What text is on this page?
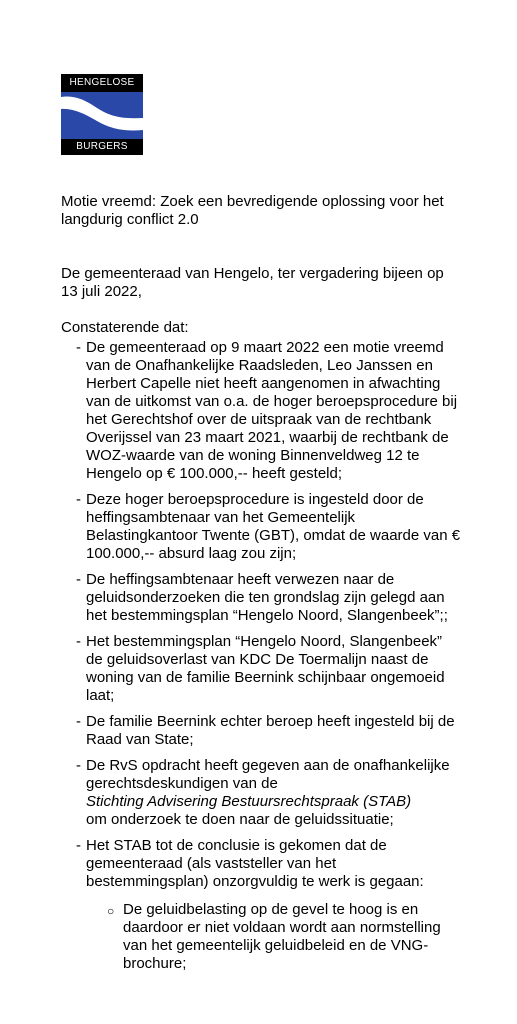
HENGELOSE
BURGERS

Motie vreemd: Zoek een bevredigende oplossing voor het langdurig conflict 2.0

De gemeenteraad van Hengelo, ter vergadering bijeen op 13 juli 2022,

Constaterende dat:

- De gemeenteraad op 9 maart 2022 een motie vreemd van de Onafhankelijke Raadsleden, Leo Janssen en Herbert Capelle niet heeft aangenomen in afwachting van de uitkomst van o.a. de hoger beroepsprocedure bij het Gerechtshof over de uitspraak van de rechtbank Overijssel van 23 maart 2021, waarbij de rechtbank de WOZ-waarde van de woning Binnenveldweg 12 te Hengelo op € 100.000,-- heeft gesteld;
- Deze hoger beroepsprocedure is ingesteld door de heffingsambtenaar van het Gemeentelijk Belastingkantoor Twente (GBT), omdat de waarde van € 100.000,-- absurd laag zou zijn;
- De heffingsambtenaar heeft verwezen naar de geluidsonderzoeken die ten grondslag zijn gelegd aan het bestemmingsplan “Hengelo Noord, Slangenbeek”;;
- Het bestemmingsplan “Hengelo Noord, Slangenbeek” de geluidsoverlast van KDC De Toermalijn naast de woning van de familie Beernink schijnbaar ongemoeid laat;
- De familie Beernink echter beroep heeft ingesteld bij de Raad van State;
- De RvS opdracht heeft gegeven aan de onafhankelijke gerechtsdeskundigen van de
Stichting Advisering Bestuursrechtspraak (STAB)
om onderzoek te doen naar de geluidssituatie;
- Het STAB tot de conclusie is gekomen dat de gemeenteraad (als vaststeller van het bestemmingsplan) onzorgvuldig te werk is gegaan:
○ De geluidbelasting op de gevel te hoog is en daardoor er niet voldaan wordt aan normstelling van het gemeentelijk geluidbeleid en de VNG-brochure;
